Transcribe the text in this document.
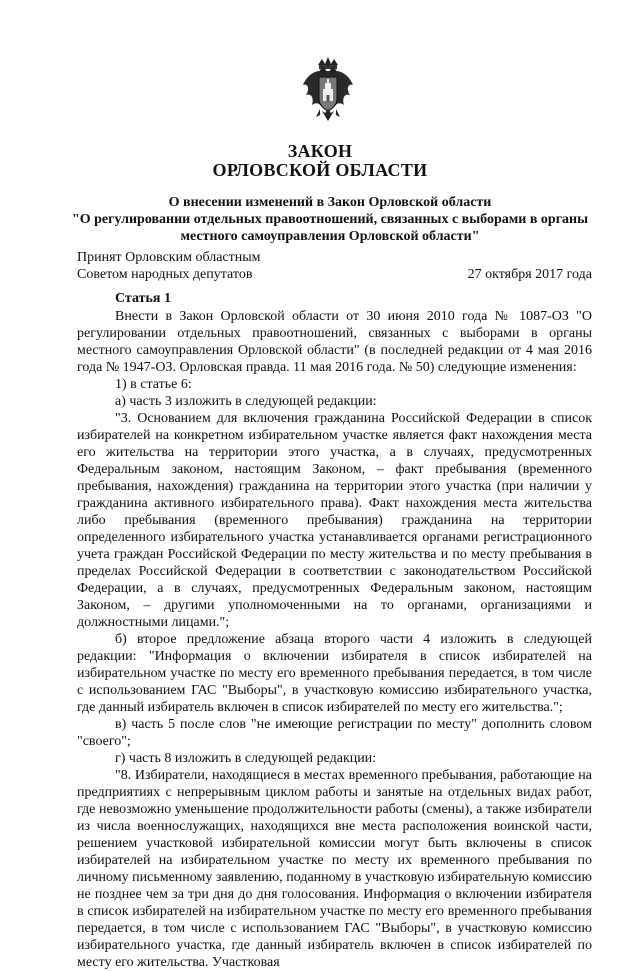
ЗАКОН
ОРЛОВСКОЙ ОБЛАСТИ
О внесении изменений в Закон Орловской области
"О регулировании отдельных правоотношений, связанных с выборами в органы
местного самоуправления Орловской области"
Принят Орловским областным
Советом народных депутатов	27 октября 2017 года

Статья 1

Внести в Закон Орловской области от 30 июня 2010 года № 1087-ОЗ "О регулировании отдельных правоотношений, связанных с выборами в органы местного самоуправления Орловской области" (в последней редакции от 4 мая 2016 года № 1947-ОЗ. Орловская правда. 11 мая 2016 года. № 50) следующие изменения:

1) в статье 6:

а) часть 3 изложить в следующей редакции:

"3. Основанием для включения гражданина Российской Федерации в список избирателей на конкретном избирательном участке является факт нахождения места его жительства на территории этого участка, а в случаях, предусмотренных Федеральным законом, настоящим Законом, – факт пребывания (временного пребывания, нахождения) гражданина на территории этого участка (при наличии у гражданина активного избирательного права). Факт нахождения места жительства либо пребывания (временного пребывания) гражданина на территории определенного избирательного участка устанавливается органами регистрационного учета граждан Российской Федерации по месту жительства и по месту пребывания в пределах Российской Федерации в соответствии с законодательством Российской Федерации, а в случаях, предусмотренных Федеральным законом, настоящим Законом, – другими уполномоченными на то органами, организациями и должностными лицами.";

б) второе предложение абзаца второго части 4 изложить в следующей редакции: "Информация о включении избирателя в список избирателей на избирательном участке по месту его временного пребывания передается, в том числе с использованием ГАС "Выборы", в участковую комиссию избирательного участка, где данный избиратель включен в список избирателей по месту его жительства.";

в) часть 5 после слов "не имеющие регистрации по месту" дополнить словом "своего";

г) часть 8 изложить в следующей редакции:

"8. Избиратели, находящиеся в местах временного пребывания, работающие на предприятиях с непрерывным циклом работы и занятые на отдельных видах работ, где невозможно уменьшение продолжительности работы (смены), а также избиратели из числа военнослужащих, находящихся вне места расположения воинской части, решением участковой избирательной комиссии могут быть включены в список избирателей на избирательном участке по месту их временного пребывания по личному письменному заявлению, поданному в участковую избирательную комиссию не позднее чем за три дня до дня голосования. Информация о включении избирателя в список избирателей на избирательном участке по месту его временного пребывания передается, в том числе с использованием ГАС "Выборы", в участковую комиссию избирательного участка, где данный избиратель включен в список избирателей по месту его жительства. Участковая
